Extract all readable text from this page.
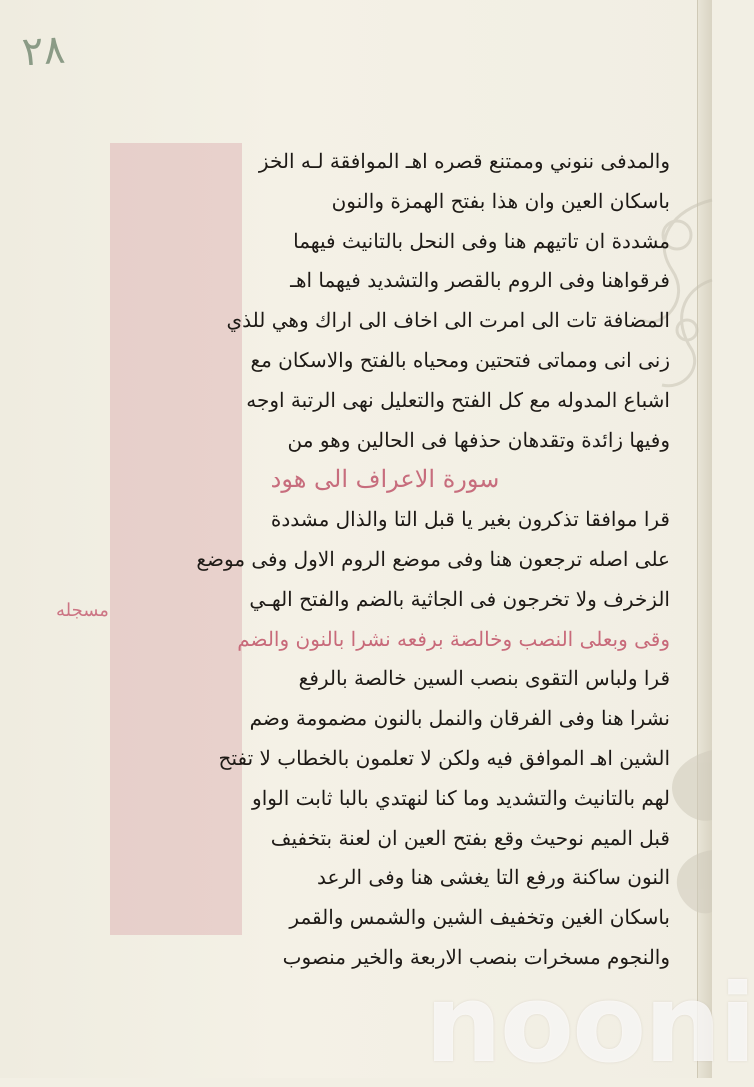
٢٨
والمدفى ننوني وممتنع قصره اهـ الموافقة لـه الخز
باسكان العين وان هذا بفتح الهمزة والنون
مشددة ان تاتيهم هنا وفى النحل بالتانيث فيهما
فرقواهنا وفى الروم بالقصر والتشديد فيهما اهـ
المضافة تات الى امرت الى اخاف الى اراك وهي للذي
زنى انى ومماتى فتحتين ومحياه بالفتح والاسكان مع
اشباع المدوله مع كل الفتح والتعليل نهى الرتبة اوجه
وفيها زائدة وتقدهان حذفها فى الحالين وهو من
سورة الاعراف الى هود
قرا موافقا تذكرون بغير يا قبل التا والذال مشددة
على اصله ترجعون هنا وفى موضع الروم الاول وفى موضع
الزخرف ولا تخرجون فى الجاثية بالضم والفتح الهـي
وقى وبعلى النصب وخالصة برفعه نشرا بالنون والضم
قرا ولباس التقوى بنصب السين خالصة بالرفع
نشرا هنا وفى الفرقان والنمل بالنون مضمومة وضم
الشين اهـ الموافق فيه ولكن لا تعلمون بالخطاب لا تفتح
لهم بالتانيث والتشديد وما كنا لنهتدي بالبا ثابت الواو
قبل الميم نوحيث وقع بفتح العين ان لعنة بتخفيف
النون ساكنة ورفع التا يغشى هنا وفى الرعد
باسكان الغين وتخفيف الشين والشمس والقمر
والنجوم مسخرات بنصب الاربعة والخير منصوب
مسجله
nooni
